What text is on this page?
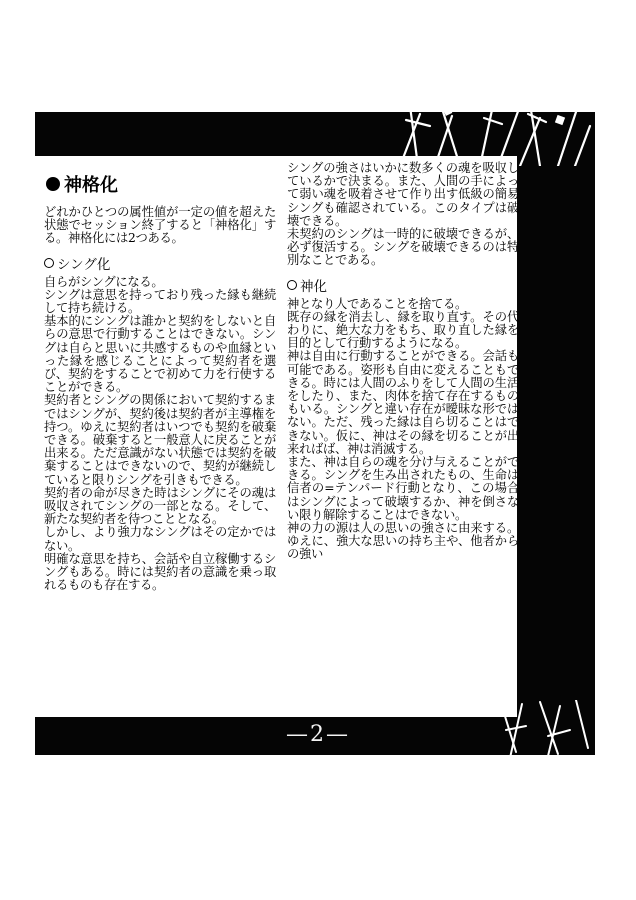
—2—
神格化

どれかひとつの属性値が一定の値を超えた状態でセッション終了すると「神格化」する。神格化には2つある。

シング化

自らがシングになる。

シングは意思を持っており残った縁も継続して持ち続ける。

基本的にシングは誰かと契約をしないと自らの意思で行動することはできない。シングは自らと思いに共感するものや血縁といった縁を感じることによって契約者を選び、契約をすることで初めて力を行使することができる。

契約者とシングの関係において契約するまではシングが、契約後は契約者が主導権を持つ。ゆえに契約者はいつでも契約を破棄できる。破棄すると一般意人に戻ることが出来る。ただ意識がない状態では契約を破棄することはできないので、契約が継続していると限りシングを引きもできる。

契約者の命が尽きた時はシングにその魂は吸収されてシングの一部となる。そして、新たな契約者を待つこととなる。

しかし、より強力なシングはその定かではない。

明確な意思を持ち、会話や自立稼働するシングもある。時には契約者の意識を乗っ取れるものも存在する。

シングの強さはいかに数多くの魂を吸収しているかで決まる。また、人間の手によって弱い魂を吸着させて作り出す低級の簡易シングも確認されている。このタイプは破壊できる。

未契約のシングは一時的に破壊できるが、必ず復活する。シングを破壊できるのは特別なことである。

神化

神となり人であることを捨てる。

既存の縁を消去し、縁を取り直す。その代わりに、絶大な力をもち、取り直した縁を目的として行動するようになる。

神は自由に行動することができる。会話も可能である。姿形も自由に変えることもできる。時には人間のふりをして人間の生活をしたり、また、肉体を捨て存在するものもいる。シングと違い存在が曖昧な形ではない。ただ、残った縁は自ら切ることはできない。仮に、神はその縁を切ることが出来ればば、神は消滅する。

また、神は自らの魂を分け与えることができる。シングを生み出されたもの、生命は信者の=テンパード行動となり、この場合はシングによって破壊するか、神を倒さない限り解除することはできない。

神の力の源は人の思いの強さに由来する。ゆえに、強大な思いの持ち主や、他者からの強い
